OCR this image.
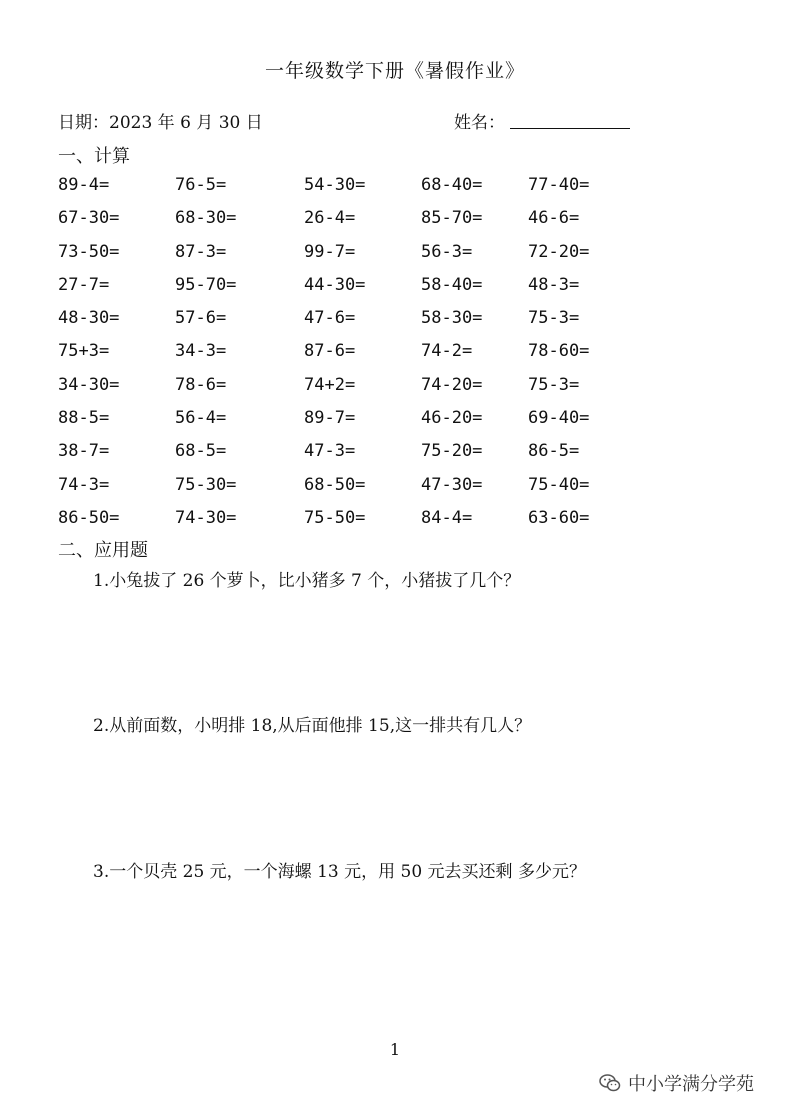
一年级数学下册《暑假作业》
日期：2023 年 6 月 30 日	姓名：
一、计算
89-4=	76-5=	54-30=	68-40=	77-40=
67-30=	68-30=	26-4=	85-70=	46-6=
73-50=	87-3=	99-7=	56-3=	72-20=
27-7=	95-70=	44-30=	58-40=	48-3=
48-30=	57-6=	47-6=	58-30=	75-3=
75+3=	34-3=	87-6=	74-2=	78-60=
34-30=	78-6=	74+2=	74-20=	75-3=
88-5=	56-4=	89-7=	46-20=	69-40=
38-7=	68-5=	47-3=	75-20=	86-5=
74-3=	75-30=	68-50=	47-30=	75-40=
86-50=	74-30=	75-50=	84-4=	63-60=
二、应用题
1.小兔拔了 26 个萝卜，比小猪多 7 个，小猪拔了几个？
2.从前面数，小明排 18,从后面他排 15,这一排共有几人？
3.一个贝壳 25 元，一个海螺 13 元，用 50 元去买还剩 多少元？
1
中小学满分学苑
